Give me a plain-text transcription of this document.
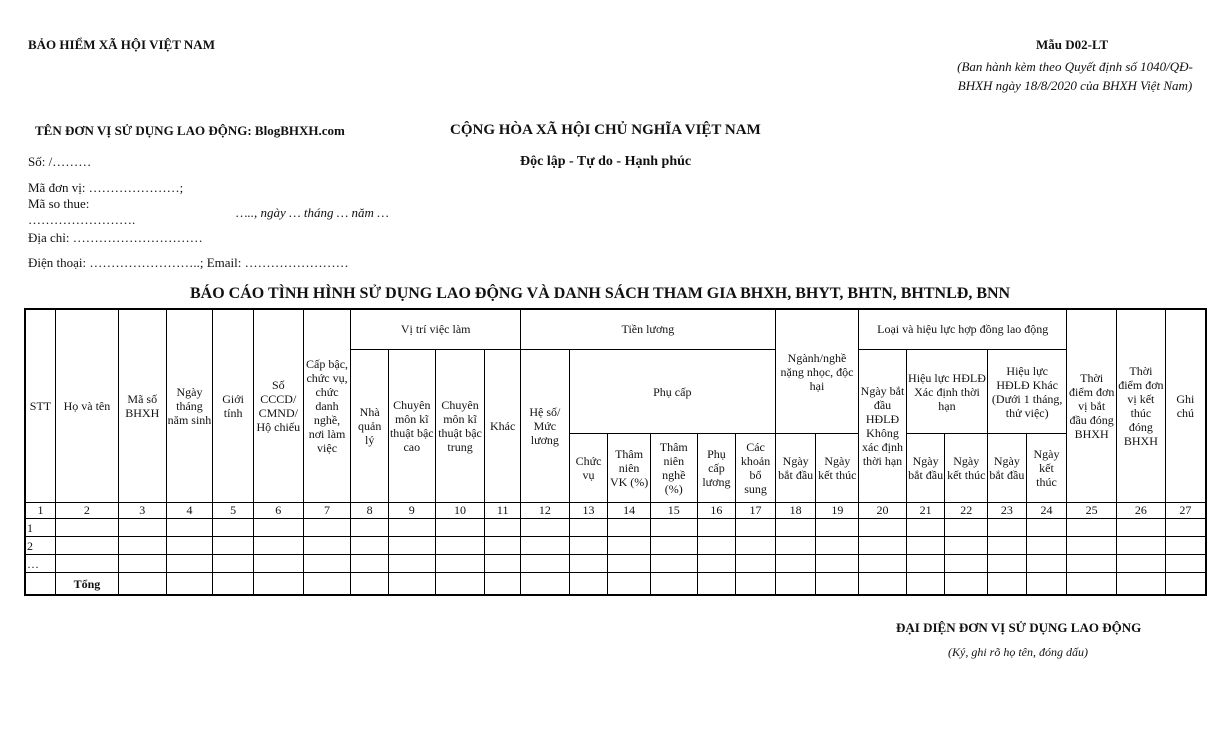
BẢO HIỂM XÃ HỘI VIỆT NAM	Mẫu D02-LT
(Ban hành kèm theo Quyết định số 1040/QĐ-BHXH ngày 18/8/2020 của BHXH Việt Nam)
TÊN ĐƠN VỊ SỬ DỤNG LAO ĐỘNG: BlogBHXH.com	CỘNG HÒA XÃ HỘI CHỦ NGHĨA VIỆT NAM
Độc lập - Tự do - Hạnh phúc
Số: /………
Mã đơn vị: …………………;
Mã so thue:
…………………….	….., ngày … tháng … năm …
Địa chỉ: …………………………
Điện thoại: ……………………..; Email: ……………………
BÁO CÁO TÌNH HÌNH SỬ DỤNG LAO ĐỘNG VÀ DANH SÁCH THAM GIA BHXH, BHYT, BHTN, BHTNLĐ, BNN
STT	Họ và tên	Mã số BHXH	Ngày tháng năm sinh	Giới tính	Số CCCD/ CMND/ Hộ chiếu	Cấp bậc, chức vụ, chức danh nghề, nơi làm việc	Vị trí việc làm				Tiền lương						Ngành/nghề nặng nhọc, độc hại		Loại và hiệu lực hợp đồng lao động					Thời điểm đơn vị bắt đầu đóng BHXH	Thời điểm đơn vị kết thúc đóng BHXH	Ghi chú
							Nhà quản lý	Chuyên môn kĩ thuật bậc cao	Chuyên môn kĩ thuật bậc trung	Khác	Hệ số/ Mức lương	Phụ cấp							Ngày bắt đầu HĐLĐ Không xác định thời hạn	Hiệu lực HĐLĐ Xác định thời hạn		Hiệu lực HĐLĐ Khác (Dưới 1 tháng, thử việc)				

												Chức vụ	Thâm niên VK (%)	Thâm niên nghề (%)	Phụ cấp lương	Các khoản bổ sung	Ngày bắt đầu	Ngày kết thúc		Ngày bắt đầu	Ngày kết thúc	Ngày bắt đầu	Ngày kết thúc			
1	2	3	4	5	6	7	8	9	10	11	12	13	14	15	16	17	18	19	20	21	22	23	24	25	26	27
1																										
2																										
…																										
	Tổng																									
ĐẠI DIỆN ĐƠN VỊ SỬ DỤNG LAO ĐỘNG
(Ký, ghi rõ họ tên, đóng dấu)
